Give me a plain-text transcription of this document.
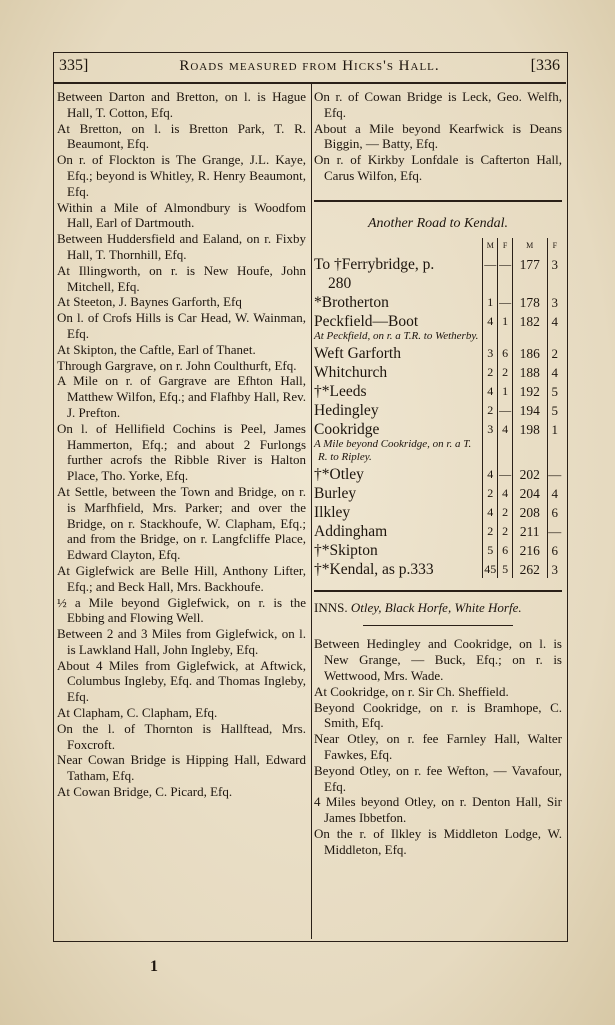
335]	Roads measured from Hicks's Hall.	[336
Between Darton and Bretton, on l. is Hague Hall, T. Cotton, Efq.
At Bretton, on l. is Bretton Park, T. R. Beaumont, Efq.
On r. of Flockton is The Grange, J.L. Kaye, Efq.; beyond is Whitley, R. Henry Beaumont, Efq.
Within a Mile of Almondbury is Woodfom Hall, Earl of Dartmouth.
Between Huddersfield and Ealand, on r. Fixby Hall, T. Thornhill, Efq.
At Illingworth, on r. is New Houfe, John Mitchell, Efq.
At Steeton, J. Baynes Garforth, Efq
On l. of Crofs Hills is Car Head, W. Wainman, Efq.
At Skipton, the Caftle, Earl of Thanet.
Through Gargrave, on r. John Coulthurft, Efq.
A Mile on r. of Gargrave are Efhton Hall, Matthew Wilfon, Efq.; and Flafhby Hall, Rev. J. Prefton.
On l. of Hellifield Cochins is Peel, James Hammerton, Efq.; and about 2 Furlongs further acrofs the Ribble River is Halton Place, Tho. Yorke, Efq.
At Settle, between the Town and Bridge, on r. is Marfhfield, Mrs. Parker; and over the Bridge, on r. Stackhoufe, W. Clapham, Efq.; and from the Bridge, on r. Langfcliffe Place, Edward Clayton, Efq.
At Giglefwick are Belle Hill, Anthony Lifter, Efq.; and Beck Hall, Mrs. Backhoufe.
½ a Mile beyond Giglefwick, on r. is the Ebbing and Flowing Well.
Between 2 and 3 Miles from Giglefwick, on l. is Lawkland Hall, John Ingleby, Efq.
About 4 Miles from Giglefwick, at Aftwick, Columbus Ingleby, Efq. and Thomas Ingleby, Efq.
At Clapham, C. Clapham, Efq.
On the l. of Thornton is Hallftead, Mrs. Foxcroft.
Near Cowan Bridge is Hipping Hall, Edward Tatham, Efq.
At Cowan Bridge, C. Picard, Efq.
On r. of Cowan Bridge is Leck, Geo. Welfh, Efq.
About a Mile beyond Kearfwick is Deans Biggin, — Batty, Efq.
On r. of Kirkby Lonfdale is Cafterton Hall, Carus Wilfon, Efq.
Another Road to Kendal.
	M	F	M	F
To †Ferrybridge, p.	—	—	177	3
280				
*Brotherton	1	—	178	3
Peckfield—Boot	4	1	182	4
At Peckfield, on r. a T.R. to Wetherby.				
Weft Garforth	3	6	186	2
Whitchurch	2	2	188	4
†*Leeds	4	1	192	5
Hedingley	2	—	194	5
Cookridge	3	4	198	1
A Mile beyond Cookridge, on r. a T. R. to Ripley.				
†*Otley	4	—	202	—
Burley	2	4	204	4
Ilkley	4	2	208	6
Addingham	2	2	211	—
†*Skipton	5	6	216	6
†*Kendal, as p.333	45	5	262	3
INNS. Otley, Black Horfe, White Horfe.
Between Hedingley and Cookridge, on l. is New Grange, — Buck, Efq.; on r. is Wettwood, Mrs. Wade.
At Cookridge, on r. Sir Ch. Sheffield.
Beyond Cookridge, on r. is Bramhope, C. Smith, Efq.
Near Otley, on r. fee Farnley Hall, Walter Fawkes, Efq.
Beyond Otley, on r. fee Wefton, — Vavafour, Efq.
4 Miles beyond Otley, on r. Denton Hall, Sir James Ibbetfon.
On the r. of Ilkley is Middleton Lodge, W. Middleton, Efq.
1
